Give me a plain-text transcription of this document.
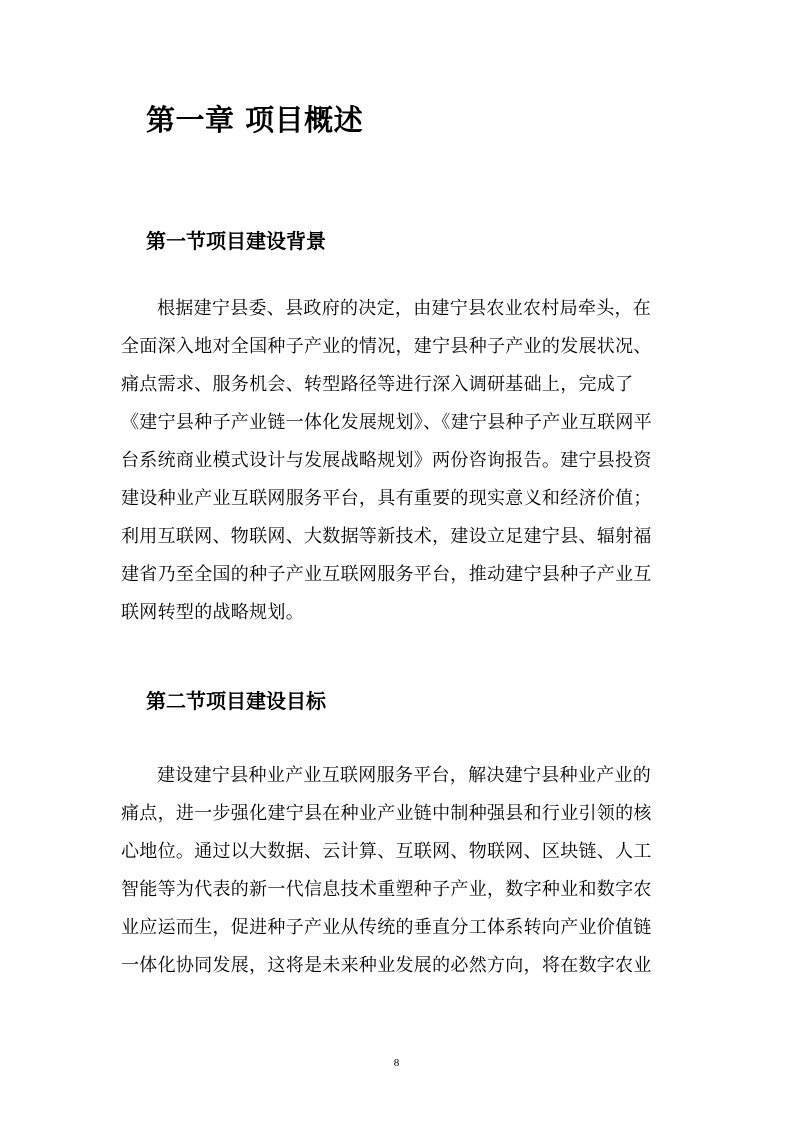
第一章 项目概述
第一节项目建设背景
根据建宁县委、县政府的决定，由建宁县农业农村局牵头，在
全面深入地对全国种子产业的情况，建宁县种子产业的发展状况、
痛点需求、服务机会、转型路径等进行深入调研基础上，完成了
《建宁县种子产业链一体化发展规划》、《建宁县种子产业互联网平
台系统商业模式设计与发展战略规划》两份咨询报告。建宁县投资
建设种业产业互联网服务平台，具有重要的现实意义和经济价值；
利用互联网、物联网、大数据等新技术，建设立足建宁县、辐射福
建省乃至全国的种子产业互联网服务平台，推动建宁县种子产业互
联网转型的战略规划。
第二节项目建设目标
建设建宁县种业产业互联网服务平台，解决建宁县种业产业的
痛点，进一步强化建宁县在种业产业链中制种强县和行业引领的核
心地位。通过以大数据、云计算、互联网、物联网、区块链、人工
智能等为代表的新一代信息技术重塑种子产业，数字种业和数字农
业应运而生，促进种子产业从传统的垂直分工体系转向产业价值链
一体化协同发展，这将是未来种业发展的必然方向，将在数字农业
8
